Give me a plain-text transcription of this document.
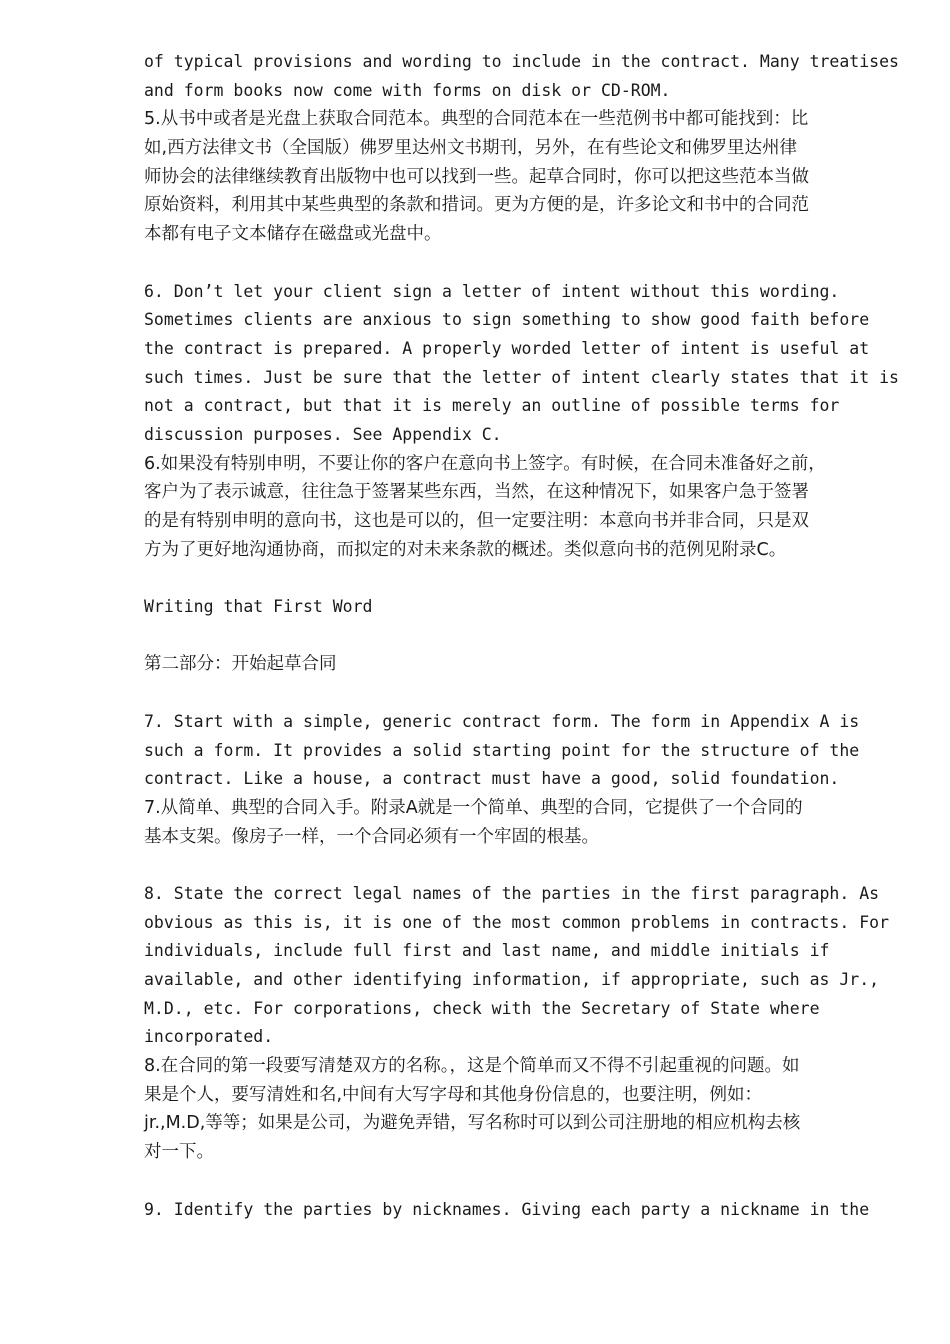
of typical provisions and wording to include in the contract. Many treatises
and form books now come with forms on disk or CD-ROM.
5.从书中或者是光盘上获取合同范本。典型的合同范本在一些范例书中都可能找到：比
如,西方法律文书（全国版）佛罗里达州文书期刊，另外，在有些论文和佛罗里达州律
师协会的法律继续教育出版物中也可以找到一些。起草合同时，你可以把这些范本当做
原始资料，利用其中某些典型的条款和措词。更为方便的是，许多论文和书中的合同范
本都有电子文本储存在磁盘或光盘中。
6. Don’t let your client sign a letter of intent without this wording.
Sometimes clients are anxious to sign something to show good faith before
the contract is prepared. A properly worded letter of intent is useful at
such times. Just be sure that the letter of intent clearly states that it is
not a contract, but that it is merely an outline of possible terms for
discussion purposes. See Appendix C.
6.如果没有特别申明，不要让你的客户在意向书上签字。有时候，在合同未准备好之前，
客户为了表示诚意，往往急于签署某些东西，当然，在这种情况下，如果客户急于签署
的是有特别申明的意向书，这也是可以的，但一定要注明：本意向书并非合同，只是双
方为了更好地沟通协商，而拟定的对未来条款的概述。类似意向书的范例见附录C。
Writing that First Word
第二部分：开始起草合同
7. Start with a simple, generic contract form. The form in Appendix A is
such a form. It provides a solid starting point for the structure of the
contract. Like a house, a contract must have a good, solid foundation.
7.从简单、典型的合同入手。附录A就是一个简单、典型的合同，它提供了一个合同的
基本支架。像房子一样，一个合同必须有一个牢固的根基。
8. State the correct legal names of the parties in the first paragraph. As
obvious as this is, it is one of the most common problems in contracts. For
individuals, include full first and last name, and middle initials if
available, and other identifying information, if appropriate, such as Jr.,
M.D., etc. For corporations, check with the Secretary of State where
incorporated.
8.在合同的第一段要写清楚双方的名称。，这是个简单而又不得不引起重视的问题。如
果是个人，要写清姓和名,中间有大写字母和其他身份信息的，也要注明，例如：
jr.,M.D,等等；如果是公司，为避免弄错，写名称时可以到公司注册地的相应机构去核
对一下。
9. Identify the parties by nicknames. Giving each party a nickname in the
